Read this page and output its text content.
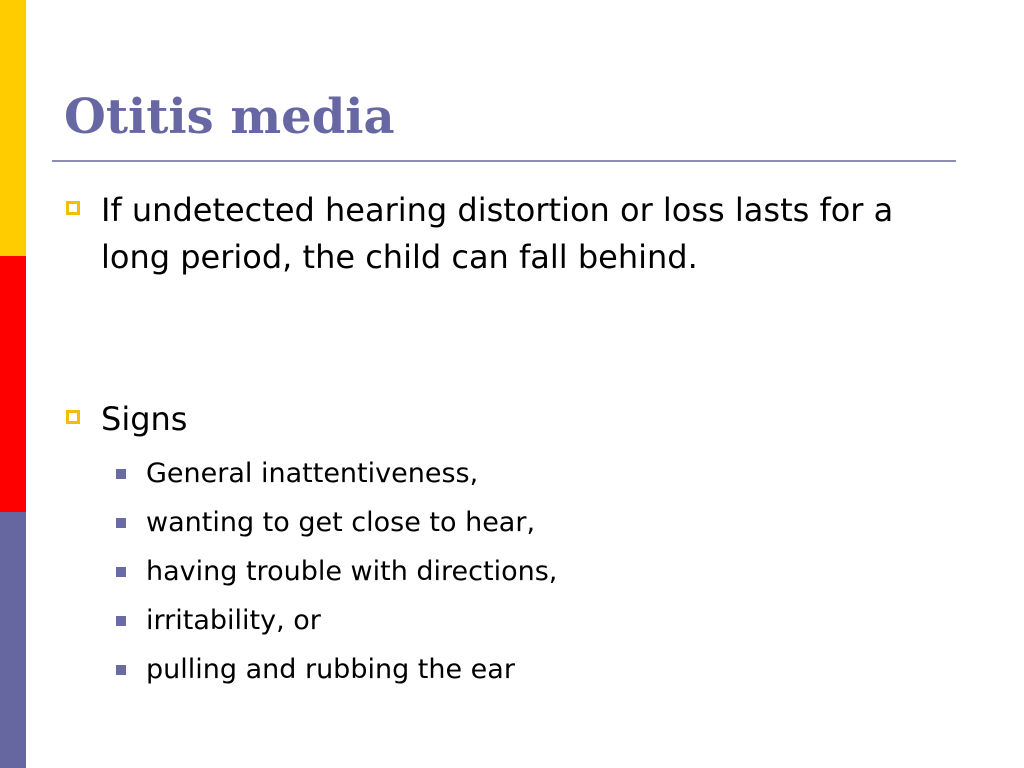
Otitis media
If undetected hearing distortion or loss lasts for a long period, the child can fall behind.
Signs
General inattentiveness,
wanting to get close to hear,
having trouble with directions,
irritability, or
pulling and rubbing the ear
